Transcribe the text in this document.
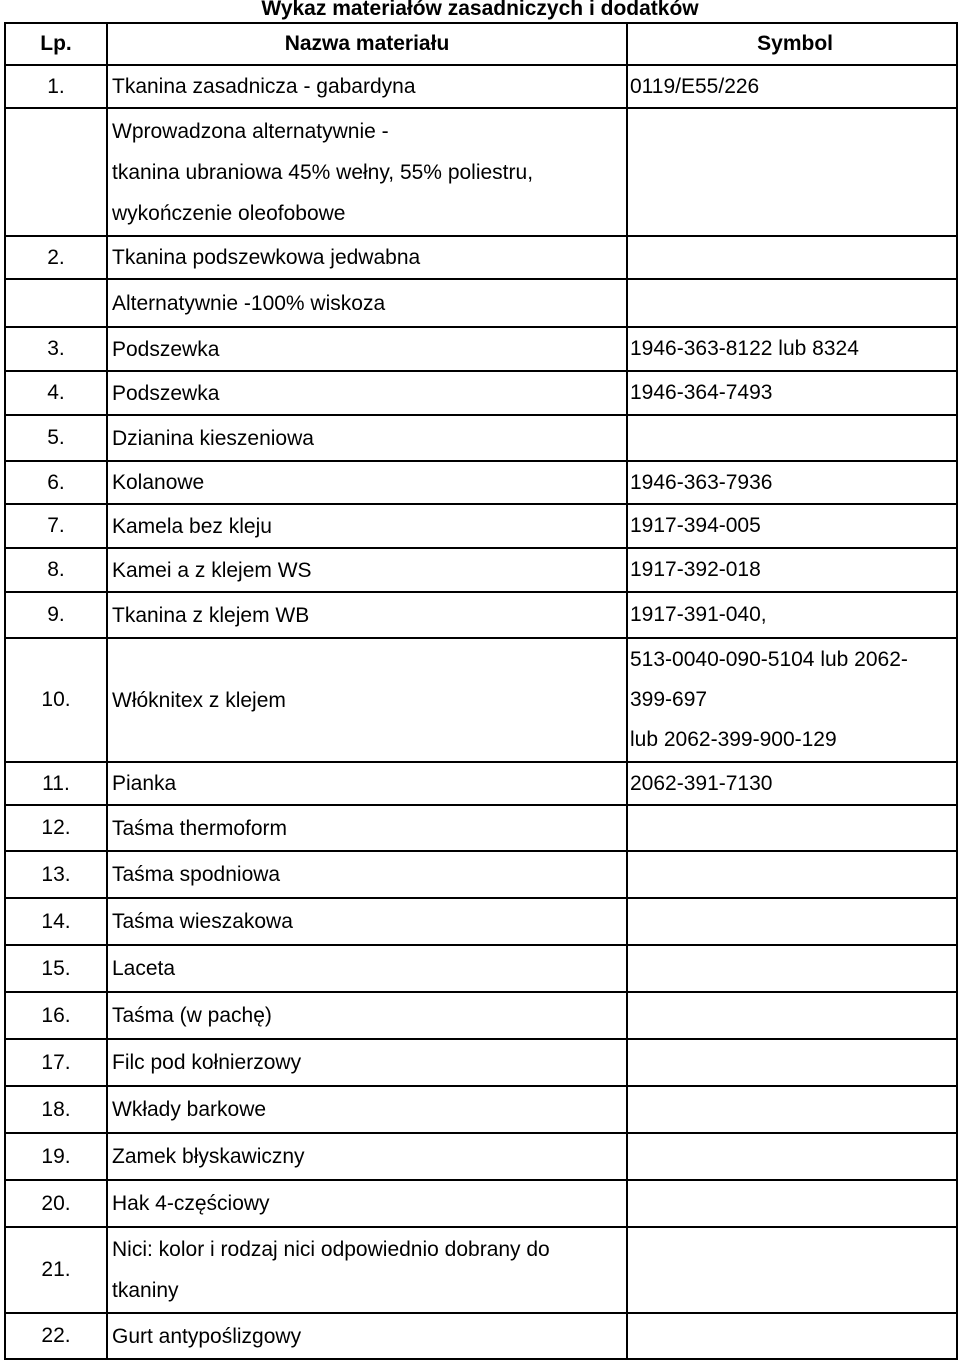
Wykaz materiałów zasadniczych i dodatków
Lp.	Nazwa materiału	Symbol
1.	Tkanina zasadnicza - gabardyna	0119/E55/226

	Wprowadzona alternatywnie -
tkanina ubraniowa 45% wełny, 55% poliestru,
wykończenie oleofobowe	

2.	Tkanina podszewkowa jedwabna	

	Alternatywnie -100% wiskoza	

3.	Podszewka	1946-363-8122 lub 8324

4.	Podszewka	1946-364-7493

5.	Dzianina kieszeniowa	

6.	Kolanowe	1946-363-7936

7.	Kamela bez kleju	1917-394-005

8.	Kamei a z klejem WS	1917-392-018

9.	Tkanina z klejem WB	1917-391-040,

10.	Włóknitex z klejem	513-0040-090-5104 lub 2062-
399-697
lub 2062-399-900-129

11.	Pianka	2062-391-7130

12.	Taśma thermoform	

13.	Taśma spodniowa	

14.	Taśma wieszakowa	

15.	Laceta	

16.	Taśma (w pachę)	

17.	Filc pod kołnierzowy	

18.	Wkłady barkowe	

19.	Zamek błyskawiczny	

20.	Hak 4-częściowy	

21.	Nici: kolor i rodzaj nici odpowiednio dobrany do
tkaniny	

22.	Gurt antypoślizgowy	
